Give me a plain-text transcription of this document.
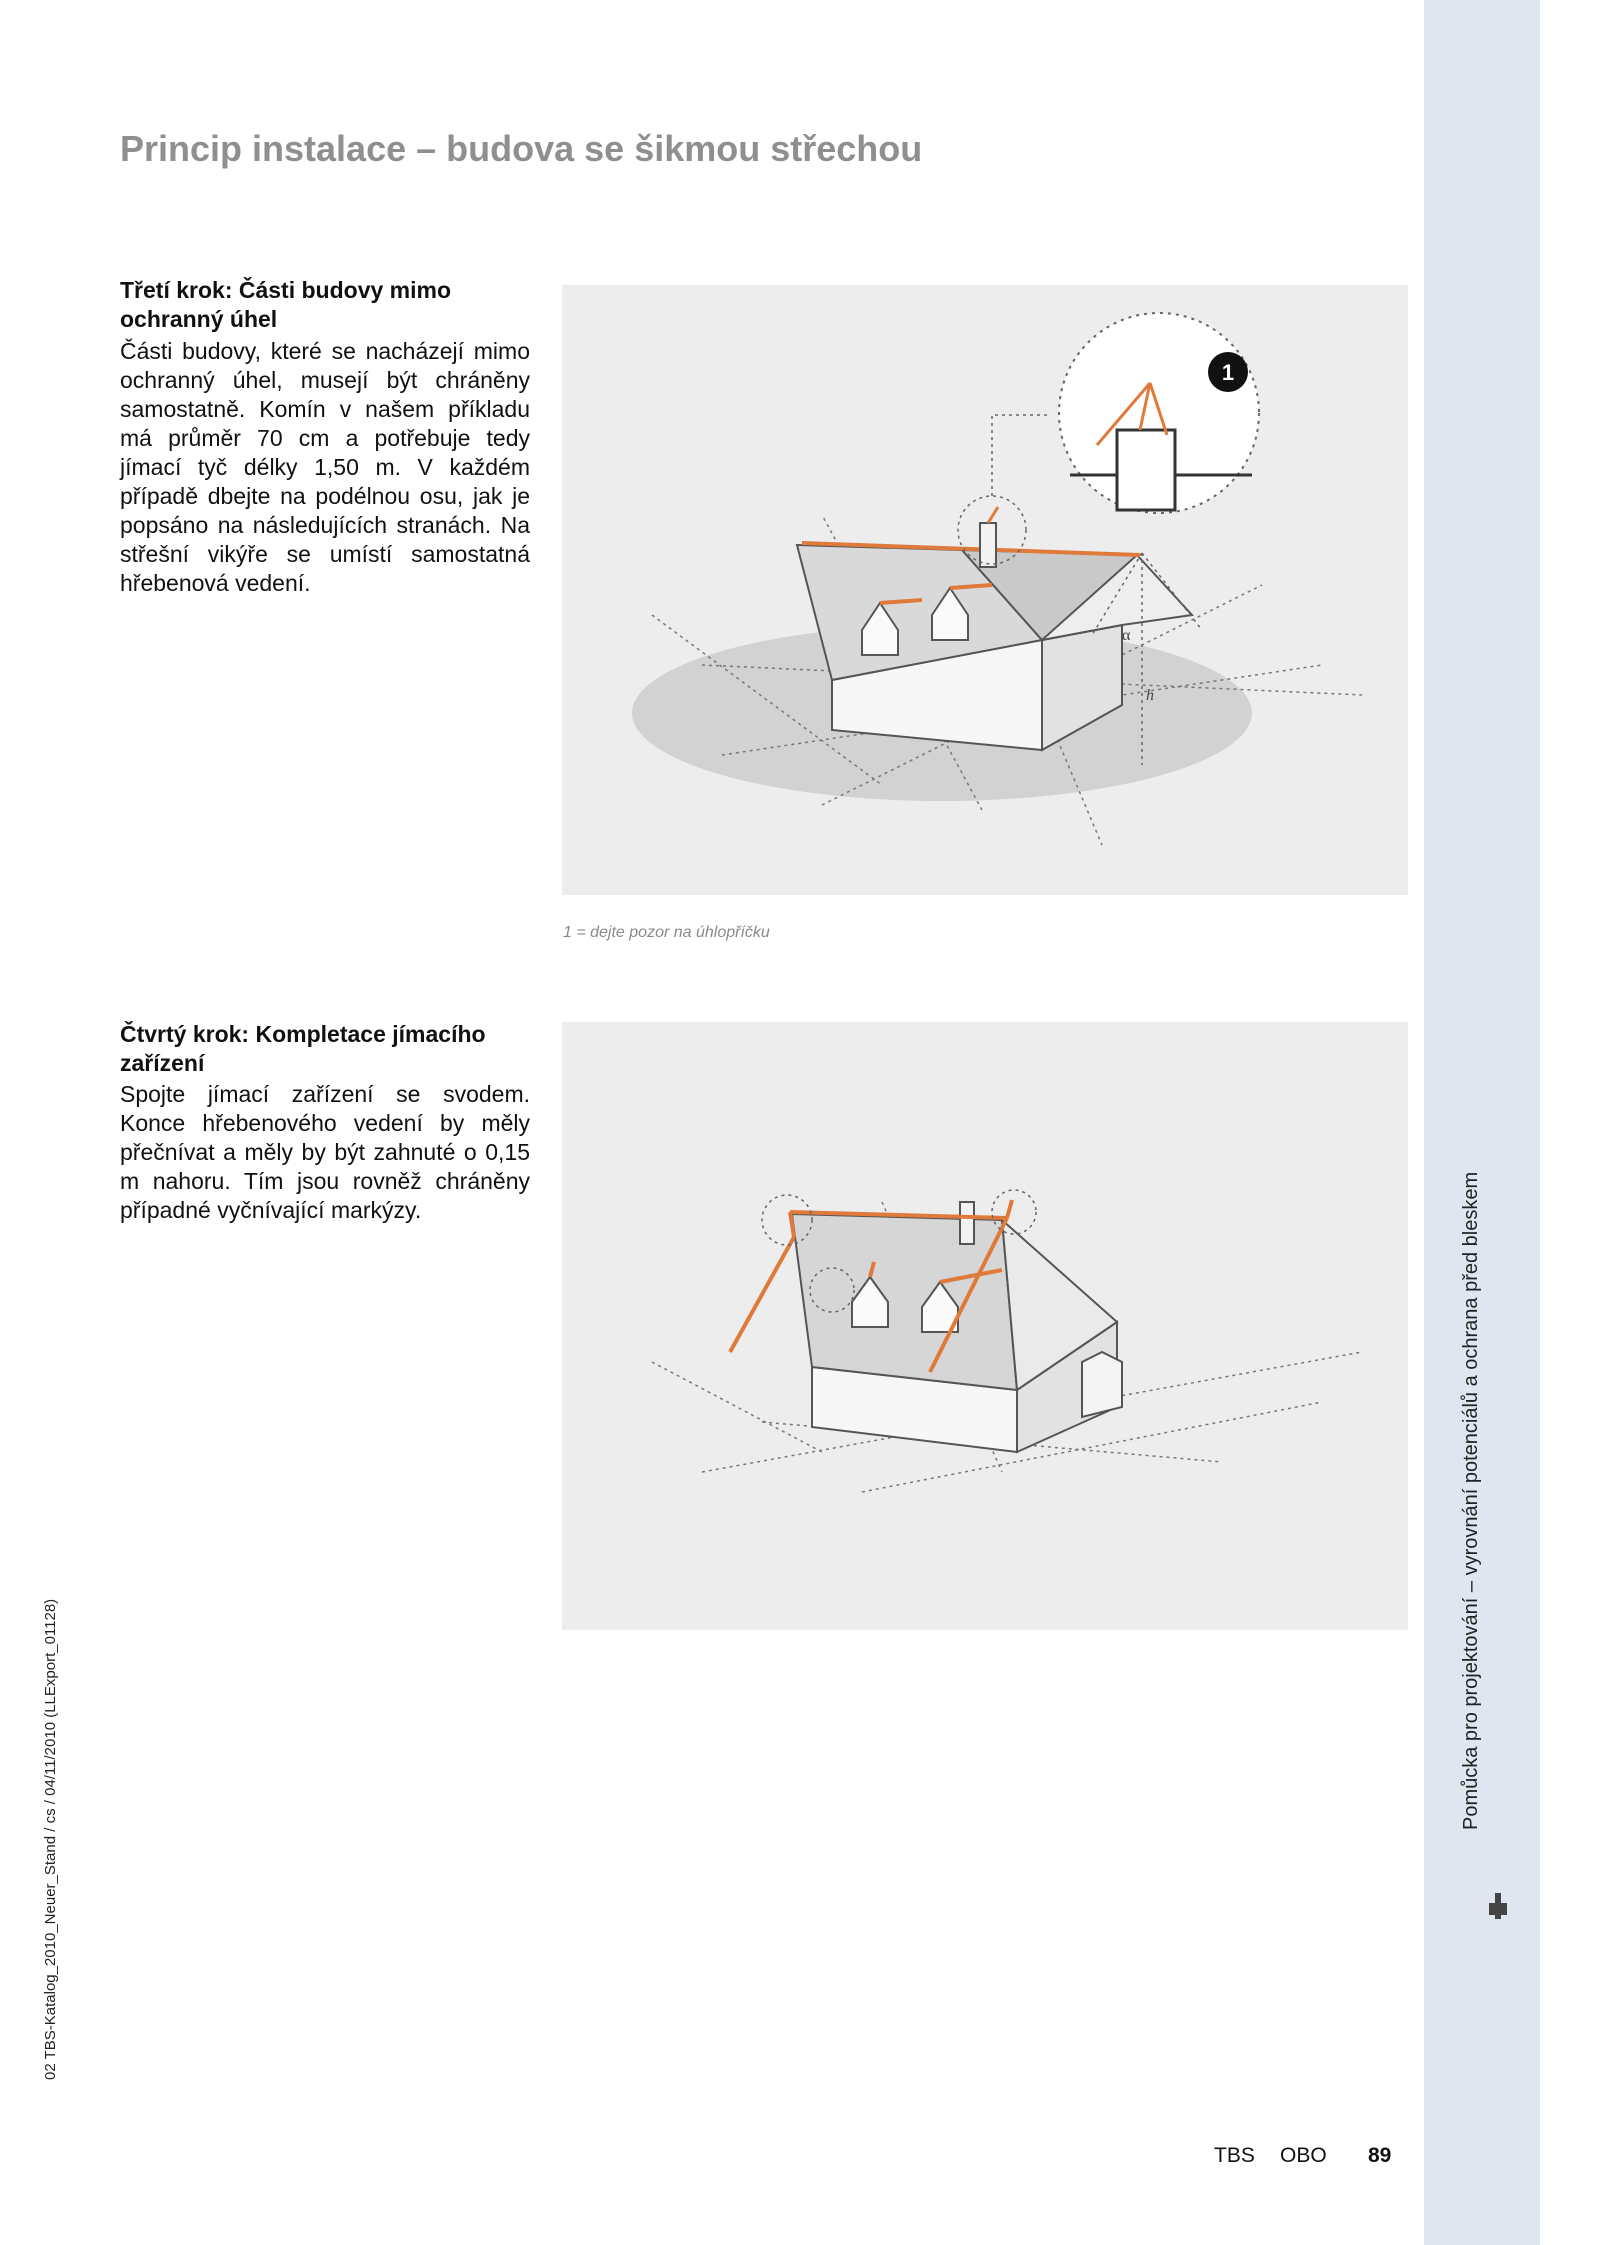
Princip instalace – budova se šikmou střechou
Třetí krok: Části budovy mimo ochranný úhel

Části budovy, které se nacházejí mimo ochranný úhel, musejí být chráněny samostatně. Komín v našem příkladu má průměr 70 cm a potřebuje tedy jímací tyč délky 1,50 m. V každém případě dbejte na podélnou osu, jak je popsáno na následujících stranách. Na střešní vikýře se umístí samostatná hřebenová vedení.

1
α
h
1 = dejte pozor na úhlopříčku
Čtvrtý krok: Kompletace jímacího zařízení

Spojte jímací zařízení se svodem. Konce hřebenového vedení by měly přečnívat a měly by být zahnuté o 0,15 m nahoru. Tím jsou rovněž chráněny případné vyčnívající markýzy.	Pomůcka pro projektování – vyrovnání potenciálů a ochrana před bleskem
02 TBS-Katalog_2010_Neuer_Stand / cs / 04/11/2010 (LLExport_01128)
TBS OBO 89
